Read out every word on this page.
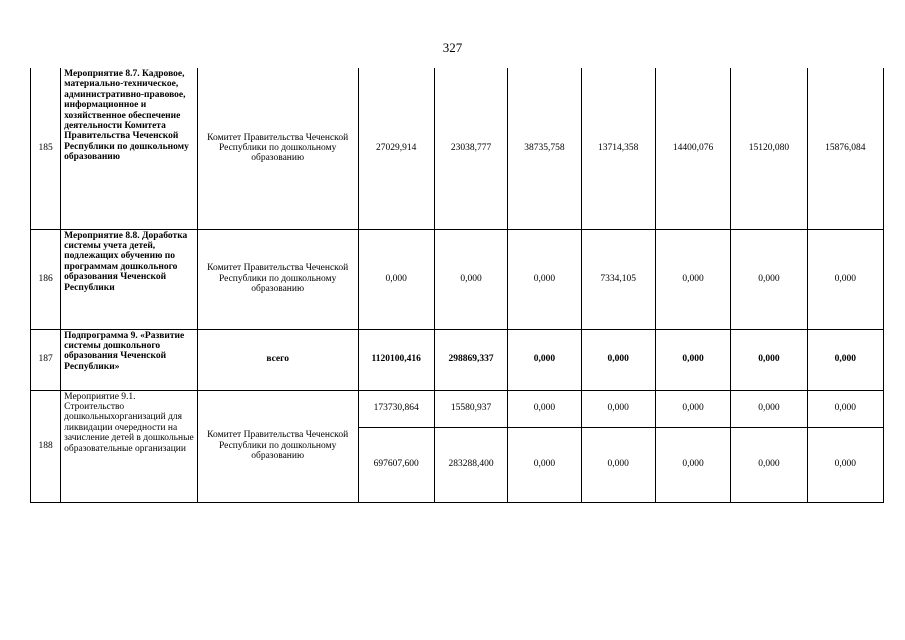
327
185	Мероприятие 8.7. Кадровое, материально-техническое, административно-правовое, информационное и хозяйственное обеспечение деятельности Комитета Правительства Чеченской Республики по дошкольному образованию	Комитет Правительства Чеченской Республики по дошкольному образованию	27029,914	23038,777	38735,758	13714,358	14400,076	15120,080	15876,084
186	Мероприятие 8.8. Доработка системы учета детей, подлежащих обучению по программам дошкольного образования Чеченской Республики	Комитет Правительства Чеченской Республики по дошкольному образованию	0,000	0,000	0,000	7334,105	0,000	0,000	0,000
187	Подпрограмма 9. «Развитие системы дошкольного образования Чеченской Республики»	всего	1120100,416	298869,337	0,000	0,000	0,000	0,000	0,000
188	Мероприятие 9.1. Строительство дошкольныхорганизаций для ликвидации очередности на зачисление детей в дошкольные образовательные организации	Комитет Правительства Чеченской Республики по дошкольному образованию	173730,864	15580,937	0,000	0,000	0,000	0,000	0,000
			697607,600	283288,400	0,000	0,000	0,000	0,000	0,000
